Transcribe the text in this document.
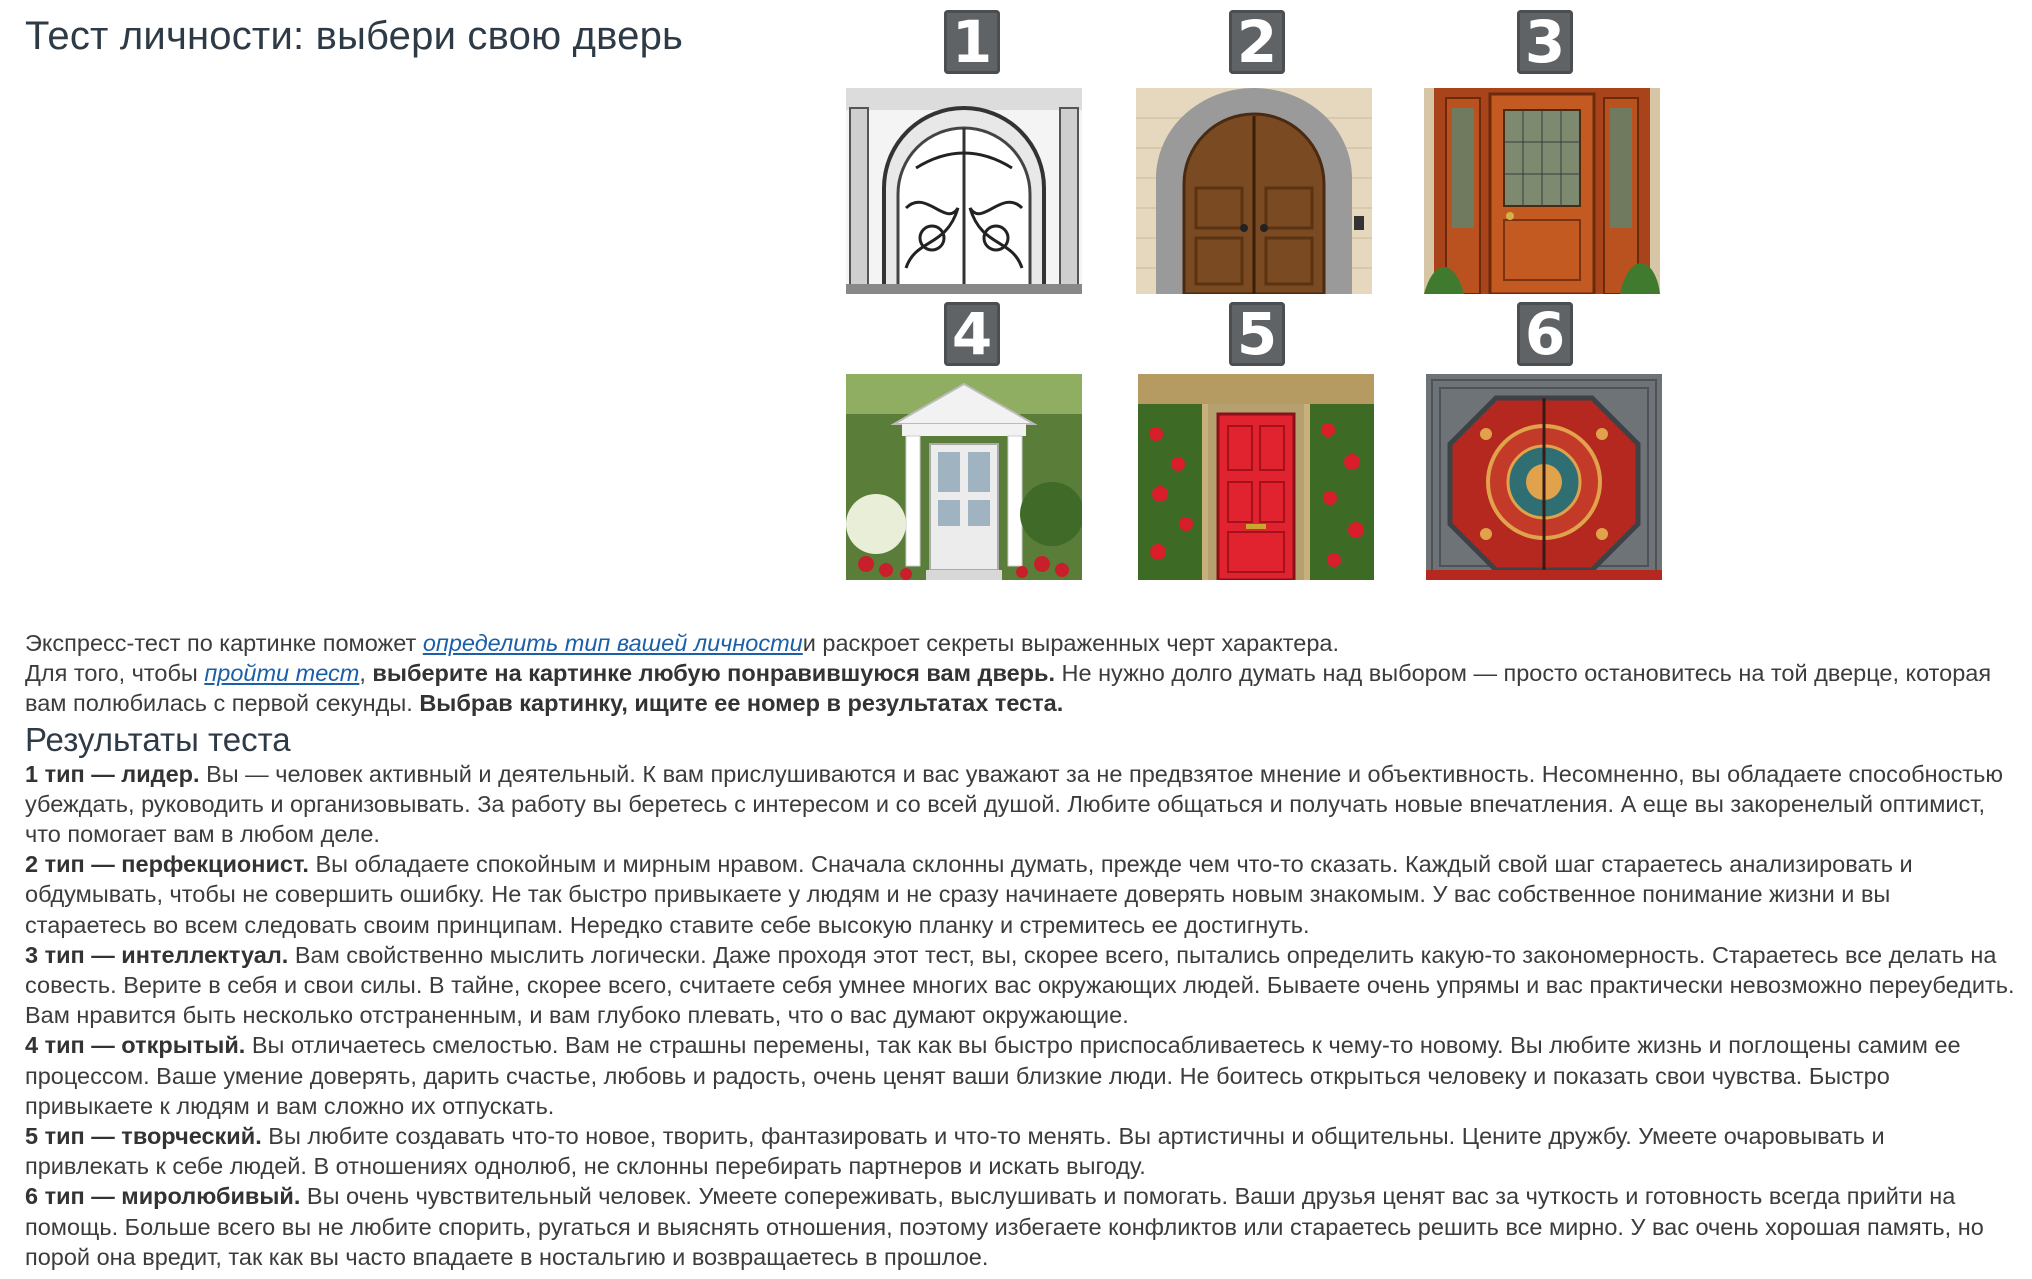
Тест личности: выбери свою дверь	1	2	3
4	5	6

Экспресс-тест по картинке поможет определить тип вашей личностии раскроет секреты выраженных черт характера.

Для того, чтобы пройти тест, выберите на картинке любую понравившуюся вам дверь. Не нужно долго думать над выбором — просто остановитесь на той дверце, которая вам полюбилась с первой секунды. Выбрав картинку, ищите ее номер в результатах теста.

Результаты теста

1 тип — лидер. Вы — человек активный и деятельный. К вам прислушиваются и вас уважают за не предвзятое мнение и объективность. Несомненно, вы обладаете способностью убеждать, руководить и организовывать. За работу вы беретесь с интересом и со всей душой. Любите общаться и получать новые впечатления. А еще вы закоренелый оптимист, что помогает вам в любом деле.

2 тип — перфекционист. Вы обладаете спокойным и мирным нравом. Сначала склонны думать, прежде чем что-то сказать. Каждый свой шаг стараетесь анализировать и обдумывать, чтобы не совершить ошибку. Не так быстро привыкаете у людям и не сразу начинаете доверять новым знакомым. У вас собственное понимание жизни и вы стараетесь во всем следовать своим принципам. Нередко ставите себе высокую планку и стремитесь ее достигнуть.

3 тип — интеллектуал. Вам свойственно мыслить логически. Даже проходя этот тест, вы, скорее всего, пытались определить какую-то закономерность. Стараетесь все делать на совесть. Верите в себя и свои силы. В тайне, скорее всего, считаете себя умнее многих вас окружающих людей. Бываете очень упрямы и вас практически невозможно переубедить. Вам нравится быть несколько отстраненным, и вам глубоко плевать, что о вас думают окружающие.

4 тип — открытый. Вы отличаетесь смелостью. Вам не страшны перемены, так как вы быстро приспосабливаетесь к чему-то новому. Вы любите жизнь и поглощены самим ее процессом. Ваше умение доверять, дарить счастье, любовь и радость, очень ценят ваши близкие люди. Не боитесь открыться человеку и показать свои чувства. Быстро привыкаете к людям и вам сложно их отпускать.

5 тип — творческий. Вы любите создавать что-то новое, творить, фантазировать и что-то менять. Вы артистичны и общительны. Цените дружбу. Умеете очаровывать и привлекать к себе людей. В отношениях однолюб, не склонны перебирать партнеров и искать выгоду.

6 тип — миролюбивый. Вы очень чувствительный человек. Умеете сопереживать, выслушивать и помогать. Ваши друзья ценят вас за чуткость и готовность всегда прийти на помощь. Больше всего вы не любите спорить, ругаться и выяснять отношения, поэтому избегаете конфликтов или стараетесь решить все мирно. У вас очень хорошая память, но порой она вредит, так как вы часто впадаете в ностальгию и возвращаетесь в прошлое.
